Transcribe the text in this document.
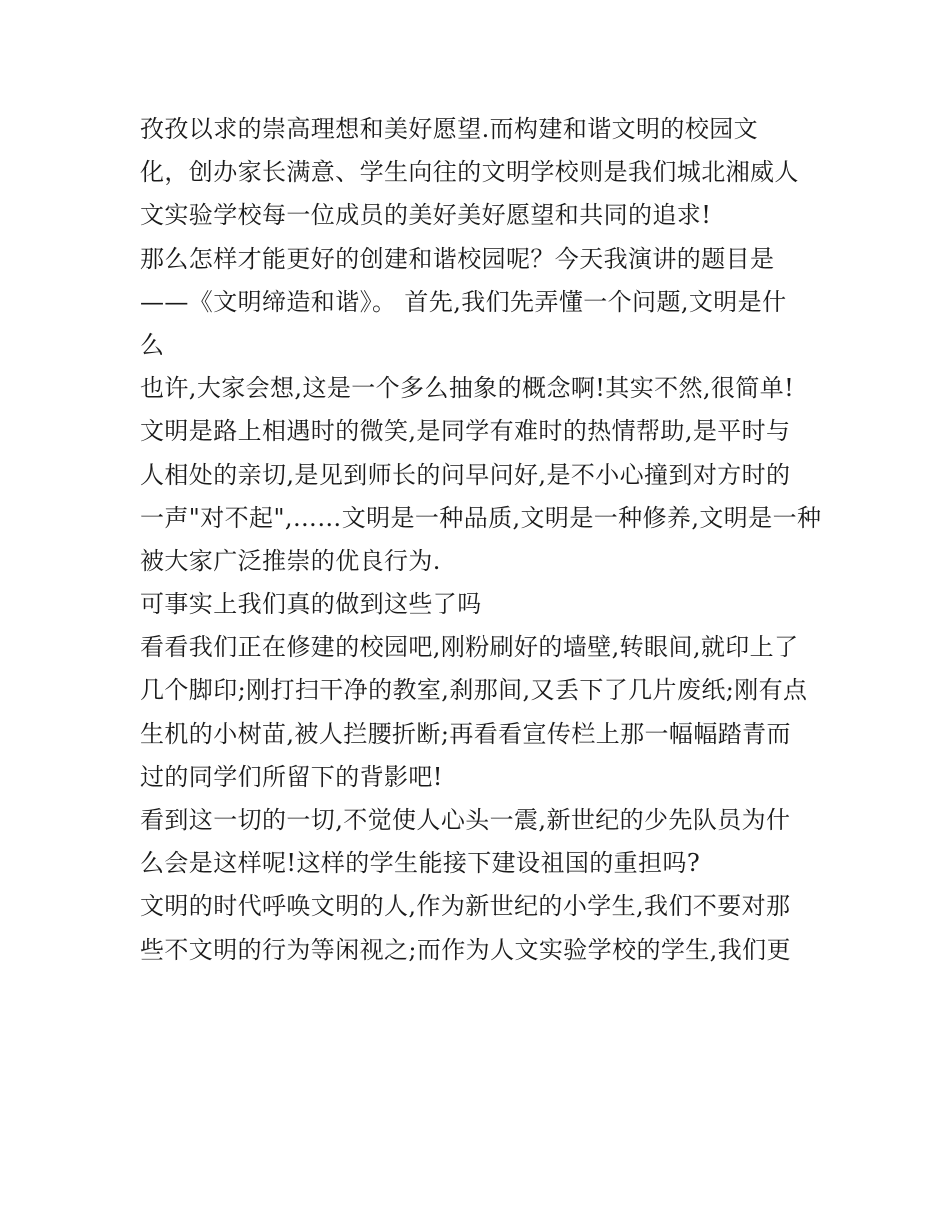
孜孜以求的崇高理想和美好愿望.而构建和谐文明的校园文
化，创办家长满意、学生向往的文明学校则是我们城北湘威人
文实验学校每一位成员的美好美好愿望和共同的追求!
那么怎样才能更好的创建和谐校园呢？今天我演讲的题目是
——《文明缔造和谐》。 首先,我们先弄懂一个问题,文明是什
么
也许,大家会想,这是一个多么抽象的概念啊!其实不然,很简单!
文明是路上相遇时的微笑,是同学有难时的热情帮助,是平时与
人相处的亲切,是见到师长的问早问好,是不小心撞到对方时的
一声"对不起",……文明是一种品质,文明是一种修养,文明是一种
被大家广泛推崇的优良行为.
可事实上我们真的做到这些了吗
看看我们正在修建的校园吧,刚粉刷好的墙壁,转眼间,就印上了
几个脚印;刚打扫干净的教室,刹那间,又丢下了几片废纸;刚有点
生机的小树苗,被人拦腰折断;再看看宣传栏上那一幅幅踏青而
过的同学们所留下的背影吧!
看到这一切的一切,不觉使人心头一震,新世纪的少先队员为什
么会是这样呢!这样的学生能接下建设祖国的重担吗?
文明的时代呼唤文明的人,作为新世纪的小学生,我们不要对那
些不文明的行为等闲视之;而作为人文实验学校的学生,我们更
